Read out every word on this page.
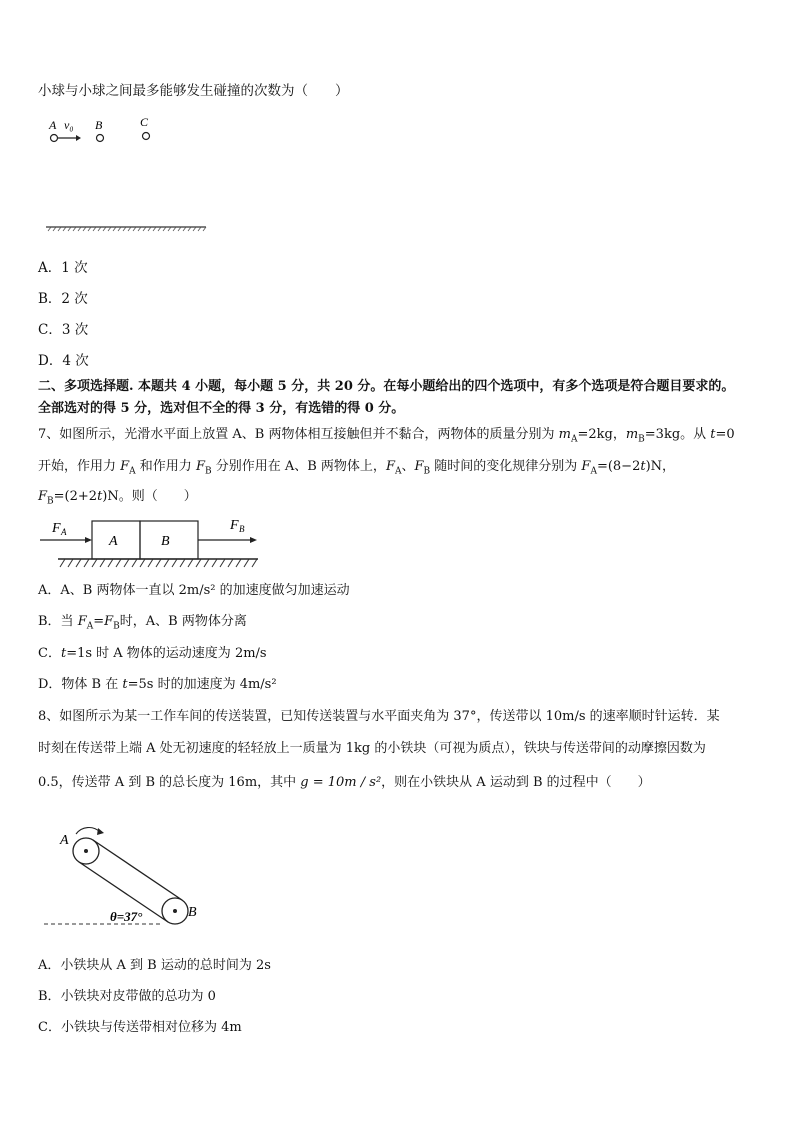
小球与小球之间最多能够发生碰撞的次数为（　　）
A v₀ B	C
A．1 次
B．2 次
C．3 次
D．4 次
二、多项选择题. 本题共 4 小题，每小题 5 分，共 20 分。在每小题给出的四个选项中，有多个选项是符合题目要求的。
全部选对的得 5 分，选对但不全的得 3 分，有选错的得 0 分。
7、如图所示，光滑水平面上放置 A、B 两物体相互接触但并不黏合，两物体的质量分别为 $m_A=2kg$，$m_B=3kg$。从 t=0
开始，作用力 $F_A$ 和作用力 $F_B$ 分别作用在 A、B 两物体上，$F_A$、$F_B$ 随时间的变化规律分别为 $F_A=(8-2t)N$，
$F_B=(2+2t)N$。则（　　）
F A
A	B
F B
A．A、B 两物体一直以 2m/s² 的加速度做匀加速运动
B．当 $F_A=F_B$时，A、B 两物体分离
C．t=1s 时 A 物体的运动速度为 2m/s
D．物体 B 在 t=5s 时的加速度为 4m/s²
8、如图所示为某一工作车间的传送装置，已知传送装置与水平面夹角为 37°，传送带以 10m/s 的速率顺时针运转．某
时刻在传送带上端 A 处无初速度的轻轻放上一质量为 1kg 的小铁块（可视为质点），铁块与传送带间的动摩擦因数为
0.5，传送带 A 到 B 的总长度为 16m，其中 g = 10m / s²，则在小铁块从 A 运动到 B 的过程中（　　）
A
B
θ=37°
A．小铁块从 A 到 B 运动的总时间为 2s
B．小铁块对皮带做的总功为 0
C．小铁块与传送带相对位移为 4m
